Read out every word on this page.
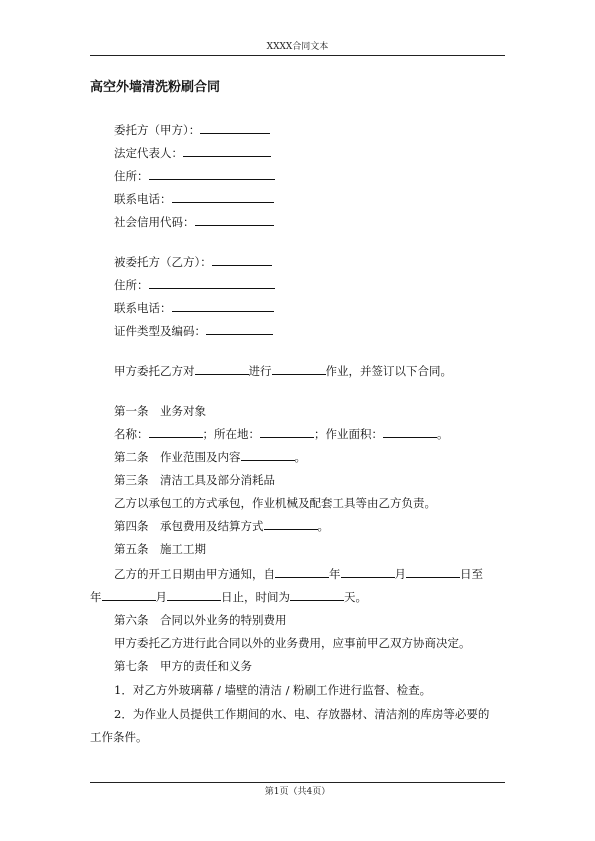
XXXX合同文本
高空外墙清洗粉刷合同
委托方（甲方）：
法定代表人：
住所：
联系电话：
社会信用代码：
被委托方（乙方）：
住所：
联系电话：
证件类型及编码：
甲方委托乙方对	进行	作业，并签订以下合同。
第一条　业务对象
名称：	；所在地：	；作业面积：	。
第二条　作业范围及内容	。
第三条　清洁工具及部分消耗品
乙方以承包工的方式承包，作业机械及配套工具等由乙方负责。
第四条　承包费用及结算方式	。
第五条　施工工期
乙方的开工日期由甲方通知，自	年	月	日至
年	月	日止，时间为	天。
第六条　合同以外业务的特别费用
甲方委托乙方进行此合同以外的业务费用，应事前甲乙双方协商决定。
第七条　甲方的责任和义务
1．对乙方外玻璃幕 / 墙壁的清洁 / 粉刷工作进行监督、检查。
2．为作业人员提供工作期间的水、电、存放器材、清洁剂的库房等必要的
工作条件。
第1页（共4页）
